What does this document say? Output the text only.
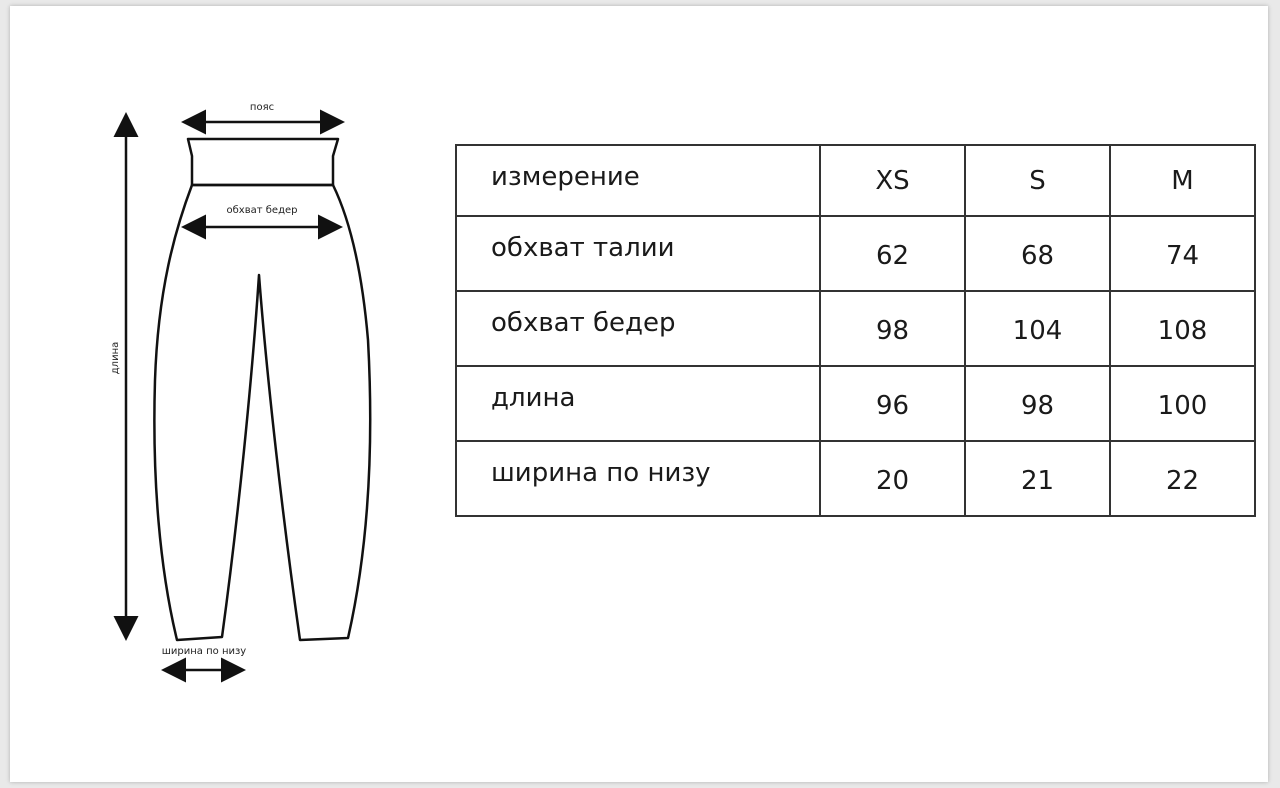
пояс
обхват бедер
длина
ширина по низу
измерение	XS	S	M
обхват талии	62	68	74
обхват бедер	98	104	108
длина	96	98	100
ширина по низу	20	21	22
